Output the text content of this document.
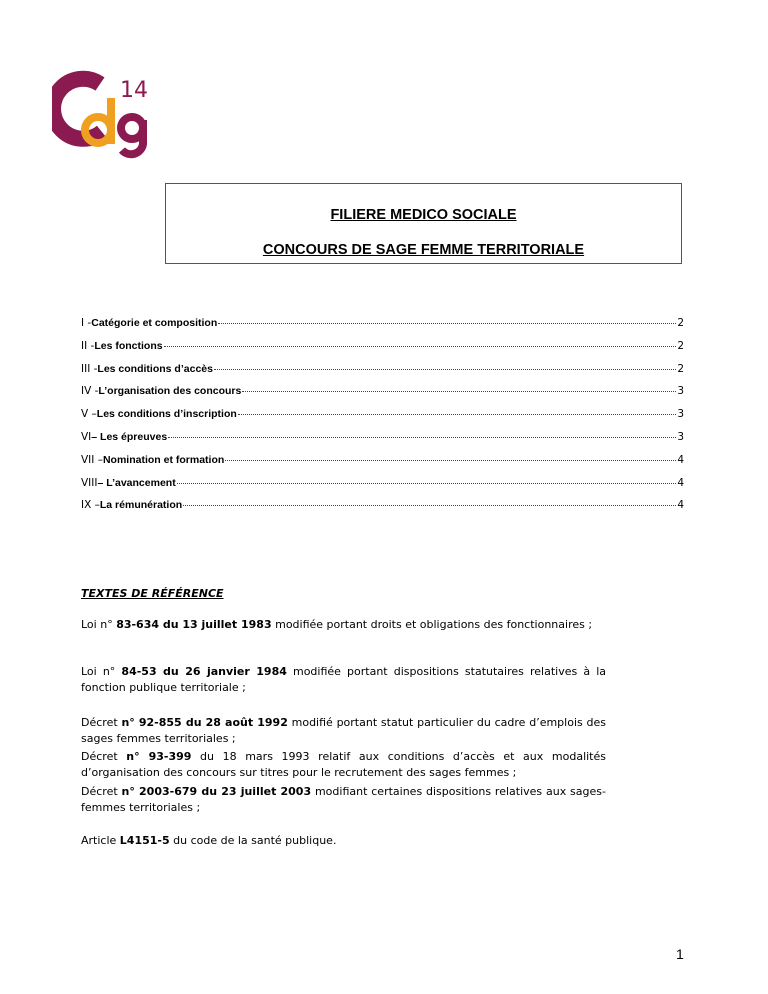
14
FILIERE MEDICO SOCIALE
CONCOURS DE SAGE FEMME TERRITORIALE
I - Catégorie et composition	2
II - Les fonctions	2
III - Les conditions d’accès	2
IV - L’organisation des concours	3
V – Les conditions d’inscription	3
VI – Les épreuves	3
VII – Nomination et formation	4
VIII – L’avancement	4
IX – La rémunération	4
TEXTES DE RÉFÉRENCE
Loi n° 83-634 du 13 juillet 1983 modifiée portant droits et obligations des fonctionnaires ;
Loi n° 84-53 du 26 janvier 1984 modifiée portant dispositions statutaires relatives à la fonction publique territoriale ;
Décret n° 92-855 du 28 août 1992 modifié portant statut particulier du cadre d’emplois des sages femmes territoriales ;
Décret n° 93-399 du 18 mars 1993 relatif aux conditions d’accès et aux modalités d’organisation des concours sur titres pour le recrutement des sages femmes ;
Décret n° 2003-679 du 23 juillet 2003 modifiant certaines dispositions relatives aux sages-femmes territoriales ;
Article L4151-5 du code de la santé publique.
1
